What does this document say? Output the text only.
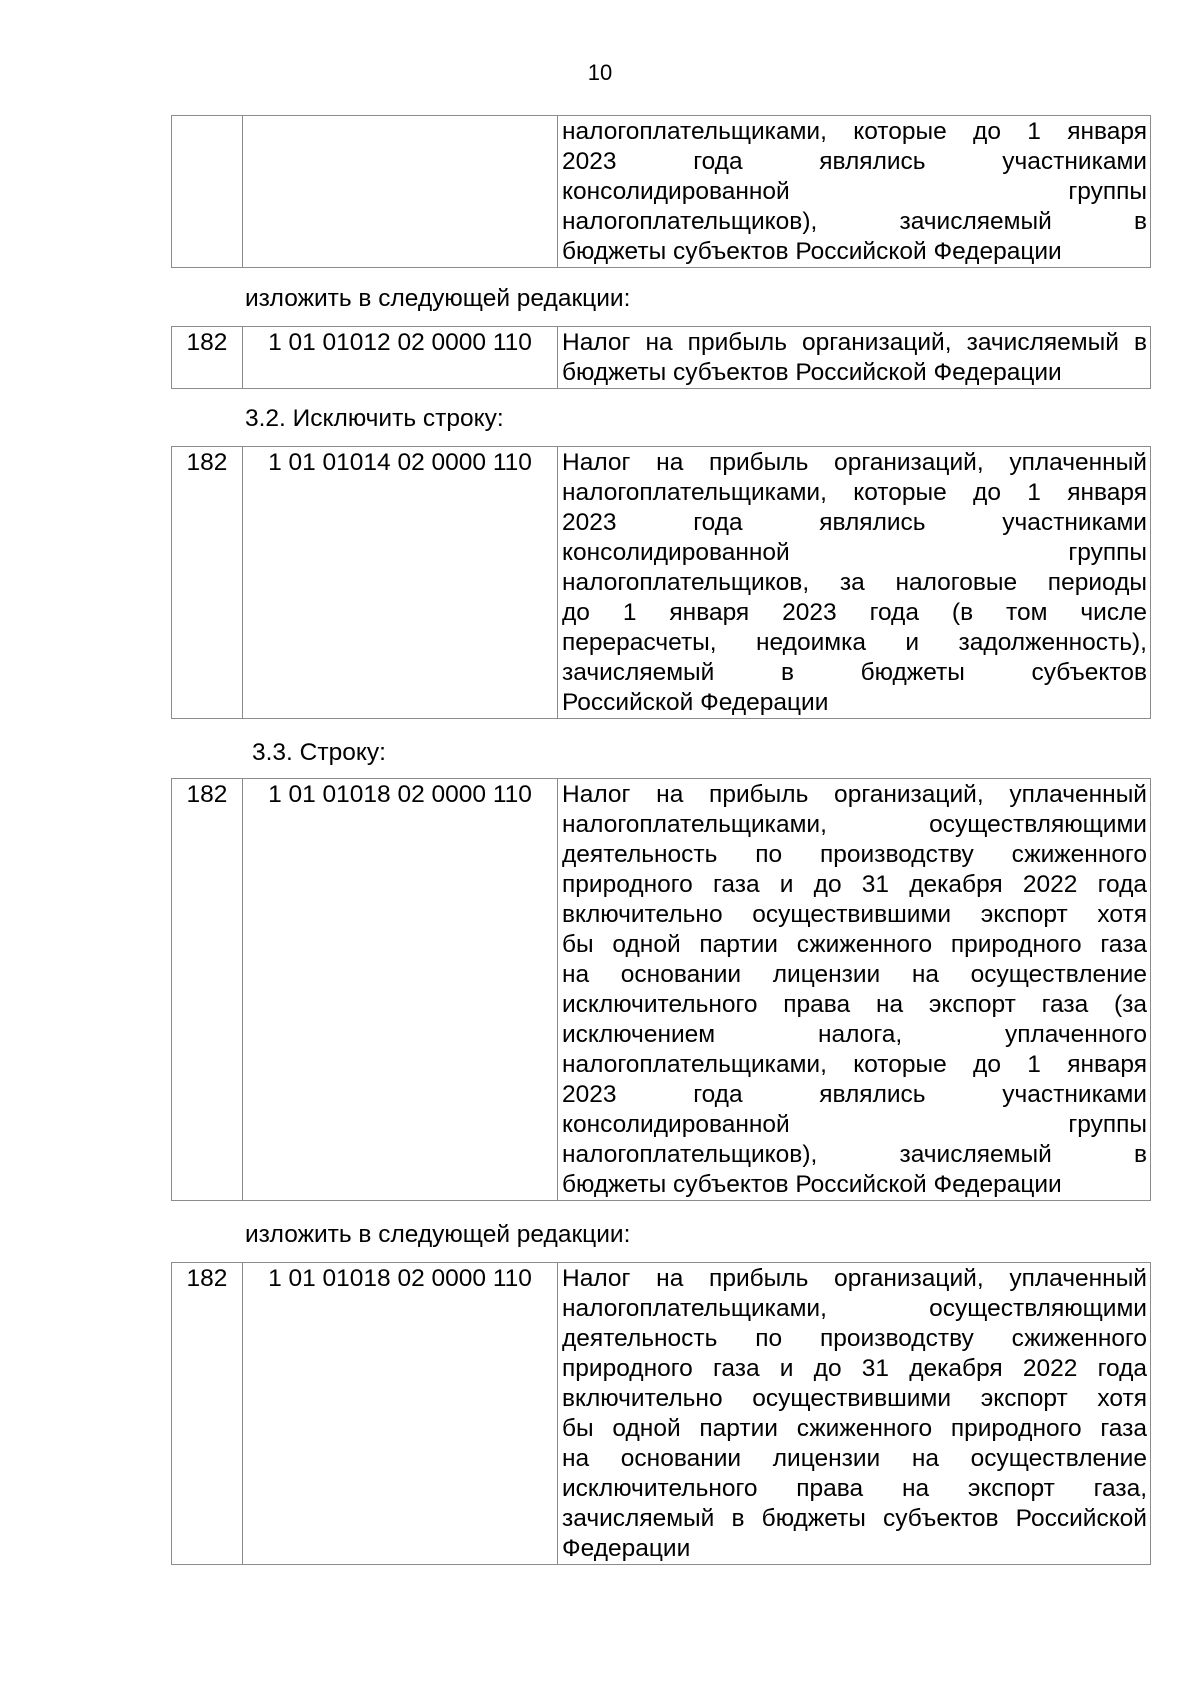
10

налогоплательщиками, которые до 1 января
2023 года являлись участниками
консолидированной группы
налогоплательщиков), зачисляемый в
бюджеты субъектов Российской Федерации
изложить в следующей редакции:
182	1 01 01012 02 0000 110	Налог на прибыль организаций, зачисляемый в
бюджеты субъектов Российской Федерации
3.2. Исключить строку:
182	1 01 01014 02 0000 110	Налог на прибыль организаций, уплаченный
налогоплательщиками, которые до 1 января
2023 года являлись участниками
консолидированной группы
налогоплательщиков, за налоговые периоды
до 1 января 2023 года (в том числе
перерасчеты, недоимка и задолженность),
зачисляемый в бюджеты субъектов
Российской Федерации
3.3. Строку:
182	1 01 01018 02 0000 110	Налог на прибыль организаций, уплаченный
налогоплательщиками, осуществляющими
деятельность по производству сжиженного
природного газа и до 31 декабря 2022 года
включительно осуществившими экспорт хотя
бы одной партии сжиженного природного газа
на основании лицензии на осуществление
исключительного права на экспорт газа (за
исключением налога, уплаченного
налогоплательщиками, которые до 1 января
2023 года являлись участниками
консолидированной группы
налогоплательщиков), зачисляемый в
бюджеты субъектов Российской Федерации
изложить в следующей редакции:
182	1 01 01018 02 0000 110	Налог на прибыль организаций, уплаченный
налогоплательщиками, осуществляющими
деятельность по производству сжиженного
природного газа и до 31 декабря 2022 года
включительно осуществившими экспорт хотя
бы одной партии сжиженного природного газа
на основании лицензии на осуществление
исключительного права на экспорт газа,
зачисляемый в бюджеты субъектов Российской
Федерации
